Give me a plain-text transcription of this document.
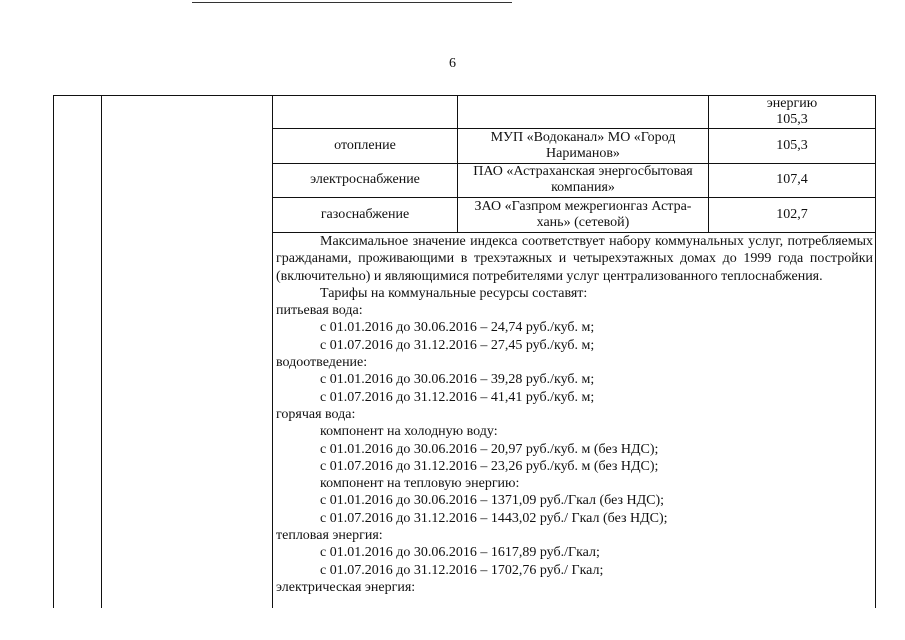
6
энергию
105,3
отопление
МУП «Водоканал» МО «Город
Нариманов»
105,3
электроснабжение
ПАО «Астраханская энергосбытовая
компания»
107,4
газоснабжение
ЗАО «Газпром межрегионгаз Астра-
хань» (сетевой)
102,7

Максимальное значение индекса соответствует набору коммунальных услуг, потребляемых гражданами, проживающими в трехэтажных и четырехэтажных домах до 1999 года постройки (включительно) и являющимися потребителями услуг централизованного теплоснабжения.

Тарифы на коммунальные ресурсы составят:

питьевая вода:

с 01.01.2016 до 30.06.2016 – 24,74 руб./куб. м;

с 01.07.2016 до 31.12.2016 – 27,45 руб./куб. м;

водоотведение:

с 01.01.2016 до 30.06.2016 – 39,28 руб./куб. м;

с 01.07.2016 до 31.12.2016 – 41,41 руб./куб. м;

горячая вода:

компонент на холодную воду:

с 01.01.2016 до 30.06.2016 – 20,97 руб./куб. м (без НДС);

с 01.07.2016 до 31.12.2016 – 23,26 руб./куб. м (без НДС);

компонент на тепловую энергию:

с 01.01.2016 до 30.06.2016 – 1371,09 руб./Гкал (без НДС);

с 01.07.2016 до 31.12.2016 – 1443,02 руб./ Гкал (без НДС);

тепловая энергия:

с 01.01.2016 до 30.06.2016 – 1617,89 руб./Гкал;

с 01.07.2016 до 31.12.2016 – 1702,76 руб./ Гкал;

электрическая энергия:
